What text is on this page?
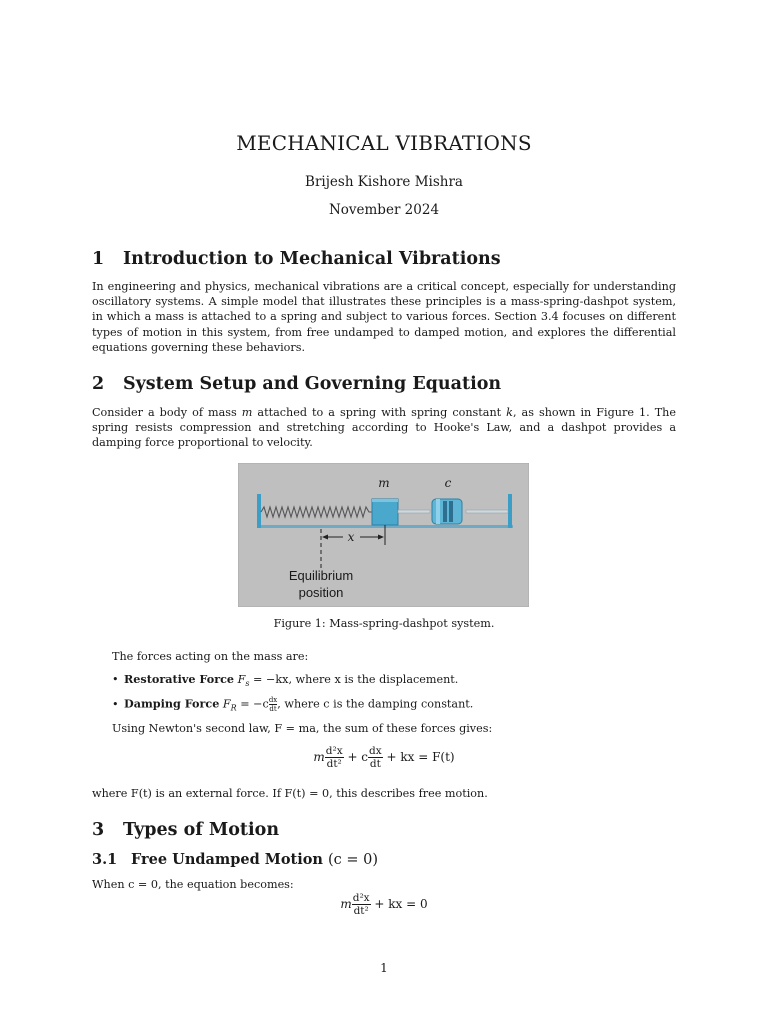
MECHANICAL VIBRATIONS
Brijesh Kishore Mishra
November 2024
1 Introduction to Mechanical Vibrations
In engineering and physics, mechanical vibrations are a critical concept, especially for understanding oscillatory systems. A simple model that illustrates these principles is a mass-spring-dashpot system, in which a mass is attached to a spring and subject to various forces. Section 3.4 focuses on different types of motion in this system, from free undamped to damped motion, and explores the differential equations governing these behaviors.
2 System Setup and Governing Equation
Consider a body of mass m attached to a spring with spring constant k, as shown in Figure 1. The spring resists compression and stretching according to Hooke's Law, and a dashpot provides a damping force proportional to velocity.
m	c
x
Equilibrium
position
Figure 1: Mass-spring-dashpot system.
The forces acting on the mass are:
• Restorative Force $F_s = -kx$, where x is the displacement.
• Damping Force $F_R = -c \frac{dx}{dt}$ , where c is the damping constant.
Using Newton's second law, F = ma, the sum of these forces gives:
m $\frac{\text{d²x}}{\text{dt²}} + c \frac{dx}{dt}$ + kx = F(t)
where F(t) is an external force. If F(t) = 0, this describes free motion.
3 Types of Motion
3.1 Free Undamped Motion (c = 0)
When c = 0, the equation becomes:
m $\frac{\text{d²x}}{\text{dt²}}$ + kx = 0
1
